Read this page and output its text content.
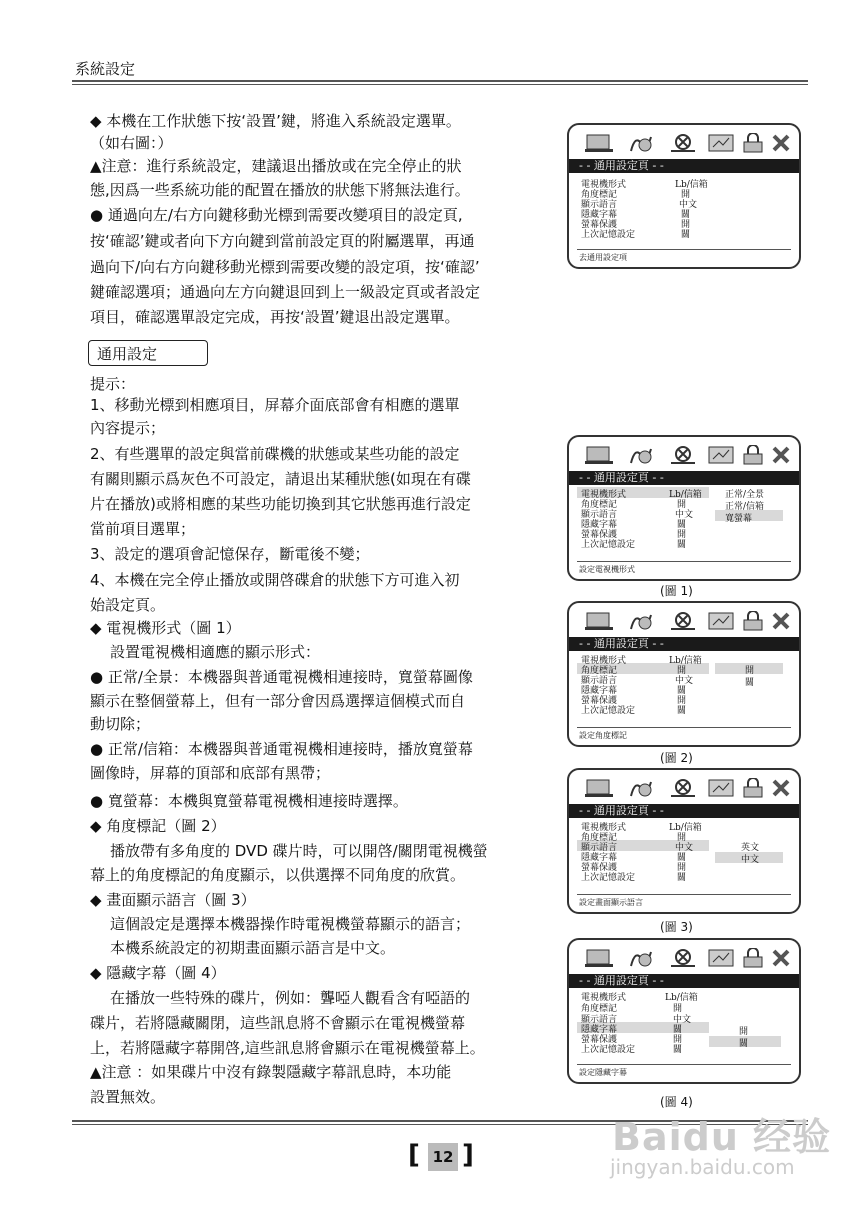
系統設定
◆ 本機在工作狀態下按‘設置’鍵，將進入系統設定選單。
（如右圖：）
▲注意：進行系統設定，建議退出播放或在完全停止的狀
態,因爲一些系統功能的配置在播放的狀態下將無法進行。
● 通過向左/右方向鍵移動光標到需要改變項目的設定頁,
按‘確認’鍵或者向下方向鍵到當前設定頁的附屬選單，再通
過向下/向右方向鍵移動光標到需要改變的設定項，按‘確認’
鍵確認選項；通過向左方向鍵退回到上一級設定頁或者設定
項目，確認選單設定完成，再按‘設置’鍵退出設定選單。
通用設定
提示：
1、移動光標到相應項目，屏幕介面底部會有相應的選單
內容提示；
2、有些選單的設定與當前碟機的狀態或某些功能的設定
有關則顯示爲灰色不可設定，請退出某種狀態(如現在有碟
片在播放)或將相應的某些功能切換到其它狀態再進行設定
當前項目選單；
3、設定的選項會記憶保存，斷電後不變；
4、本機在完全停止播放或開啓碟倉的狀態下方可進入初
始設定頁。
◆ 電視機形式（圖 1）
設置電視機相適應的顯示形式：
● 正常/全景：本機器與普通電視機相連接時，寬螢幕圖像
顯示在整個螢幕上，但有一部分會因爲選擇這個模式而自
動切除；
● 正常/信箱：本機器與普通電視機相連接時，播放寬螢幕
圖像時，屏幕的頂部和底部有黑帶；
● 寬螢幕：本機與寬螢幕電視機相連接時選擇。
◆ 角度標記（圖 2）
播放帶有多角度的 DVD 碟片時，可以開啓/關閉電視機螢
幕上的角度標記的角度顯示，以供選擇不同角度的欣賞。
◆ 畫面顯示語言（圖 3）
這個設定是選擇本機器操作時電視機螢幕顯示的語言；
本機系統設定的初期畫面顯示語言是中文。
◆ 隱藏字幕（圖 4）
在播放一些特殊的碟片，例如：聾啞人觀看含有啞語的
碟片，若將隱藏關閉，這些訊息將不會顯示在電視機螢幕
上，若將隱藏字幕開啓,這些訊息將會顯示在電視機螢幕上。
▲注意 ：如果碟片中沒有錄製隱藏字幕訊息時，本功能
設置無效。
- - 通用設定頁 - -
電視機形式
角度標記
顯示語言
隱藏字幕
螢幕保護
上次記憶設定
Lb/信箱
開
中文
關
開
關
去通用設定項
- - 通用設定頁 - -
電視機形式
角度標記
顯示語言
隱藏字幕
螢幕保護
上次記憶設定
Lb/信箱
開
中文
關
開
關
正常/全景
正常/信箱
寬螢幕
設定電視機形式
(圖 1)
- - 通用設定頁 - -
電視機形式
角度標記
顯示語言
隱藏字幕
螢幕保護
上次記憶設定
Lb/信箱
開
中文
關
開
關
開
關
設定角度標記
(圖 2)
- - 通用設定頁 - -
電視機形式
角度標記
顯示語言
隱藏字幕
螢幕保護
上次記憶設定
Lb/信箱
開
中文
關
開
關
英文
中文
設定畫面顯示語言
(圖 3)
- - 通用設定頁 - -
電視機形式
角度標記
顯示語言
隱藏字幕
螢幕保護
上次記憶設定
Lb/信箱
開
中文
關
開
關
開
關
設定隱藏字幕
(圖 4)
[ 12 ]	Baidu 经验
jingyan.baidu.com
